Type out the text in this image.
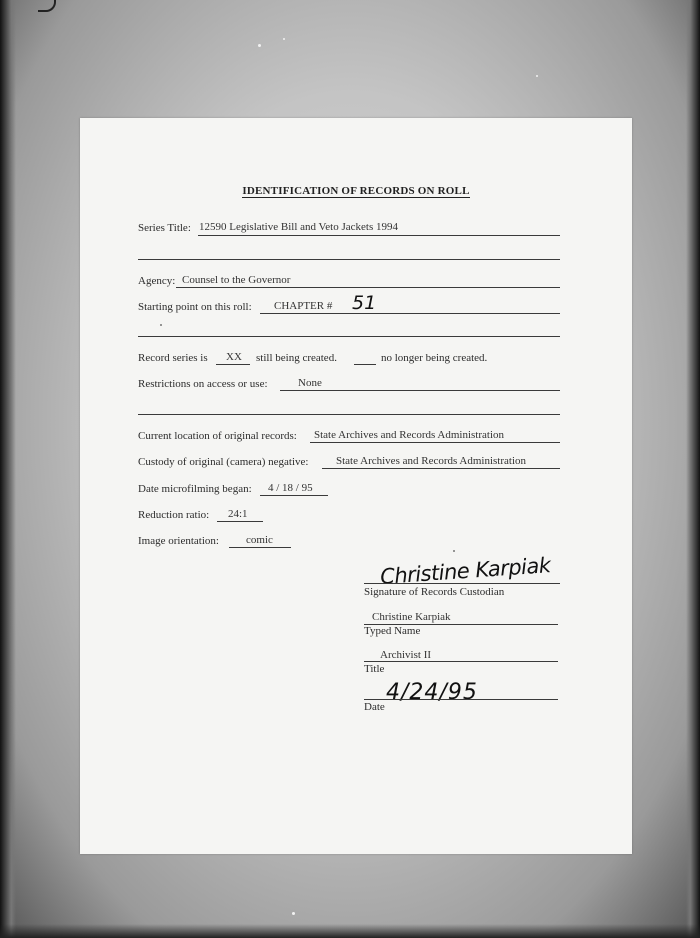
IDENTIFICATION OF RECORDS ON ROLL
Series Title: 12590 Legislative Bill and Veto Jackets 1994
Agency: Counsel to the Governor
Starting point on this roll: CHAPTER # 51
Record series is XX still being created.	no longer being created.
Restrictions on access or use:	None
Current location of original records: State Archives and Records Administration
Custody of original (camera) negative:	State Archives and Records Administration
Date microfilming began: 4 / 18 / 95
Reduction ratio: 24:1
Image orientation: comic
Christine Karpiak
Signature of Records Custodian
Christine Karpiak
Typed Name
Archivist II
Title
4/24/95
Date
